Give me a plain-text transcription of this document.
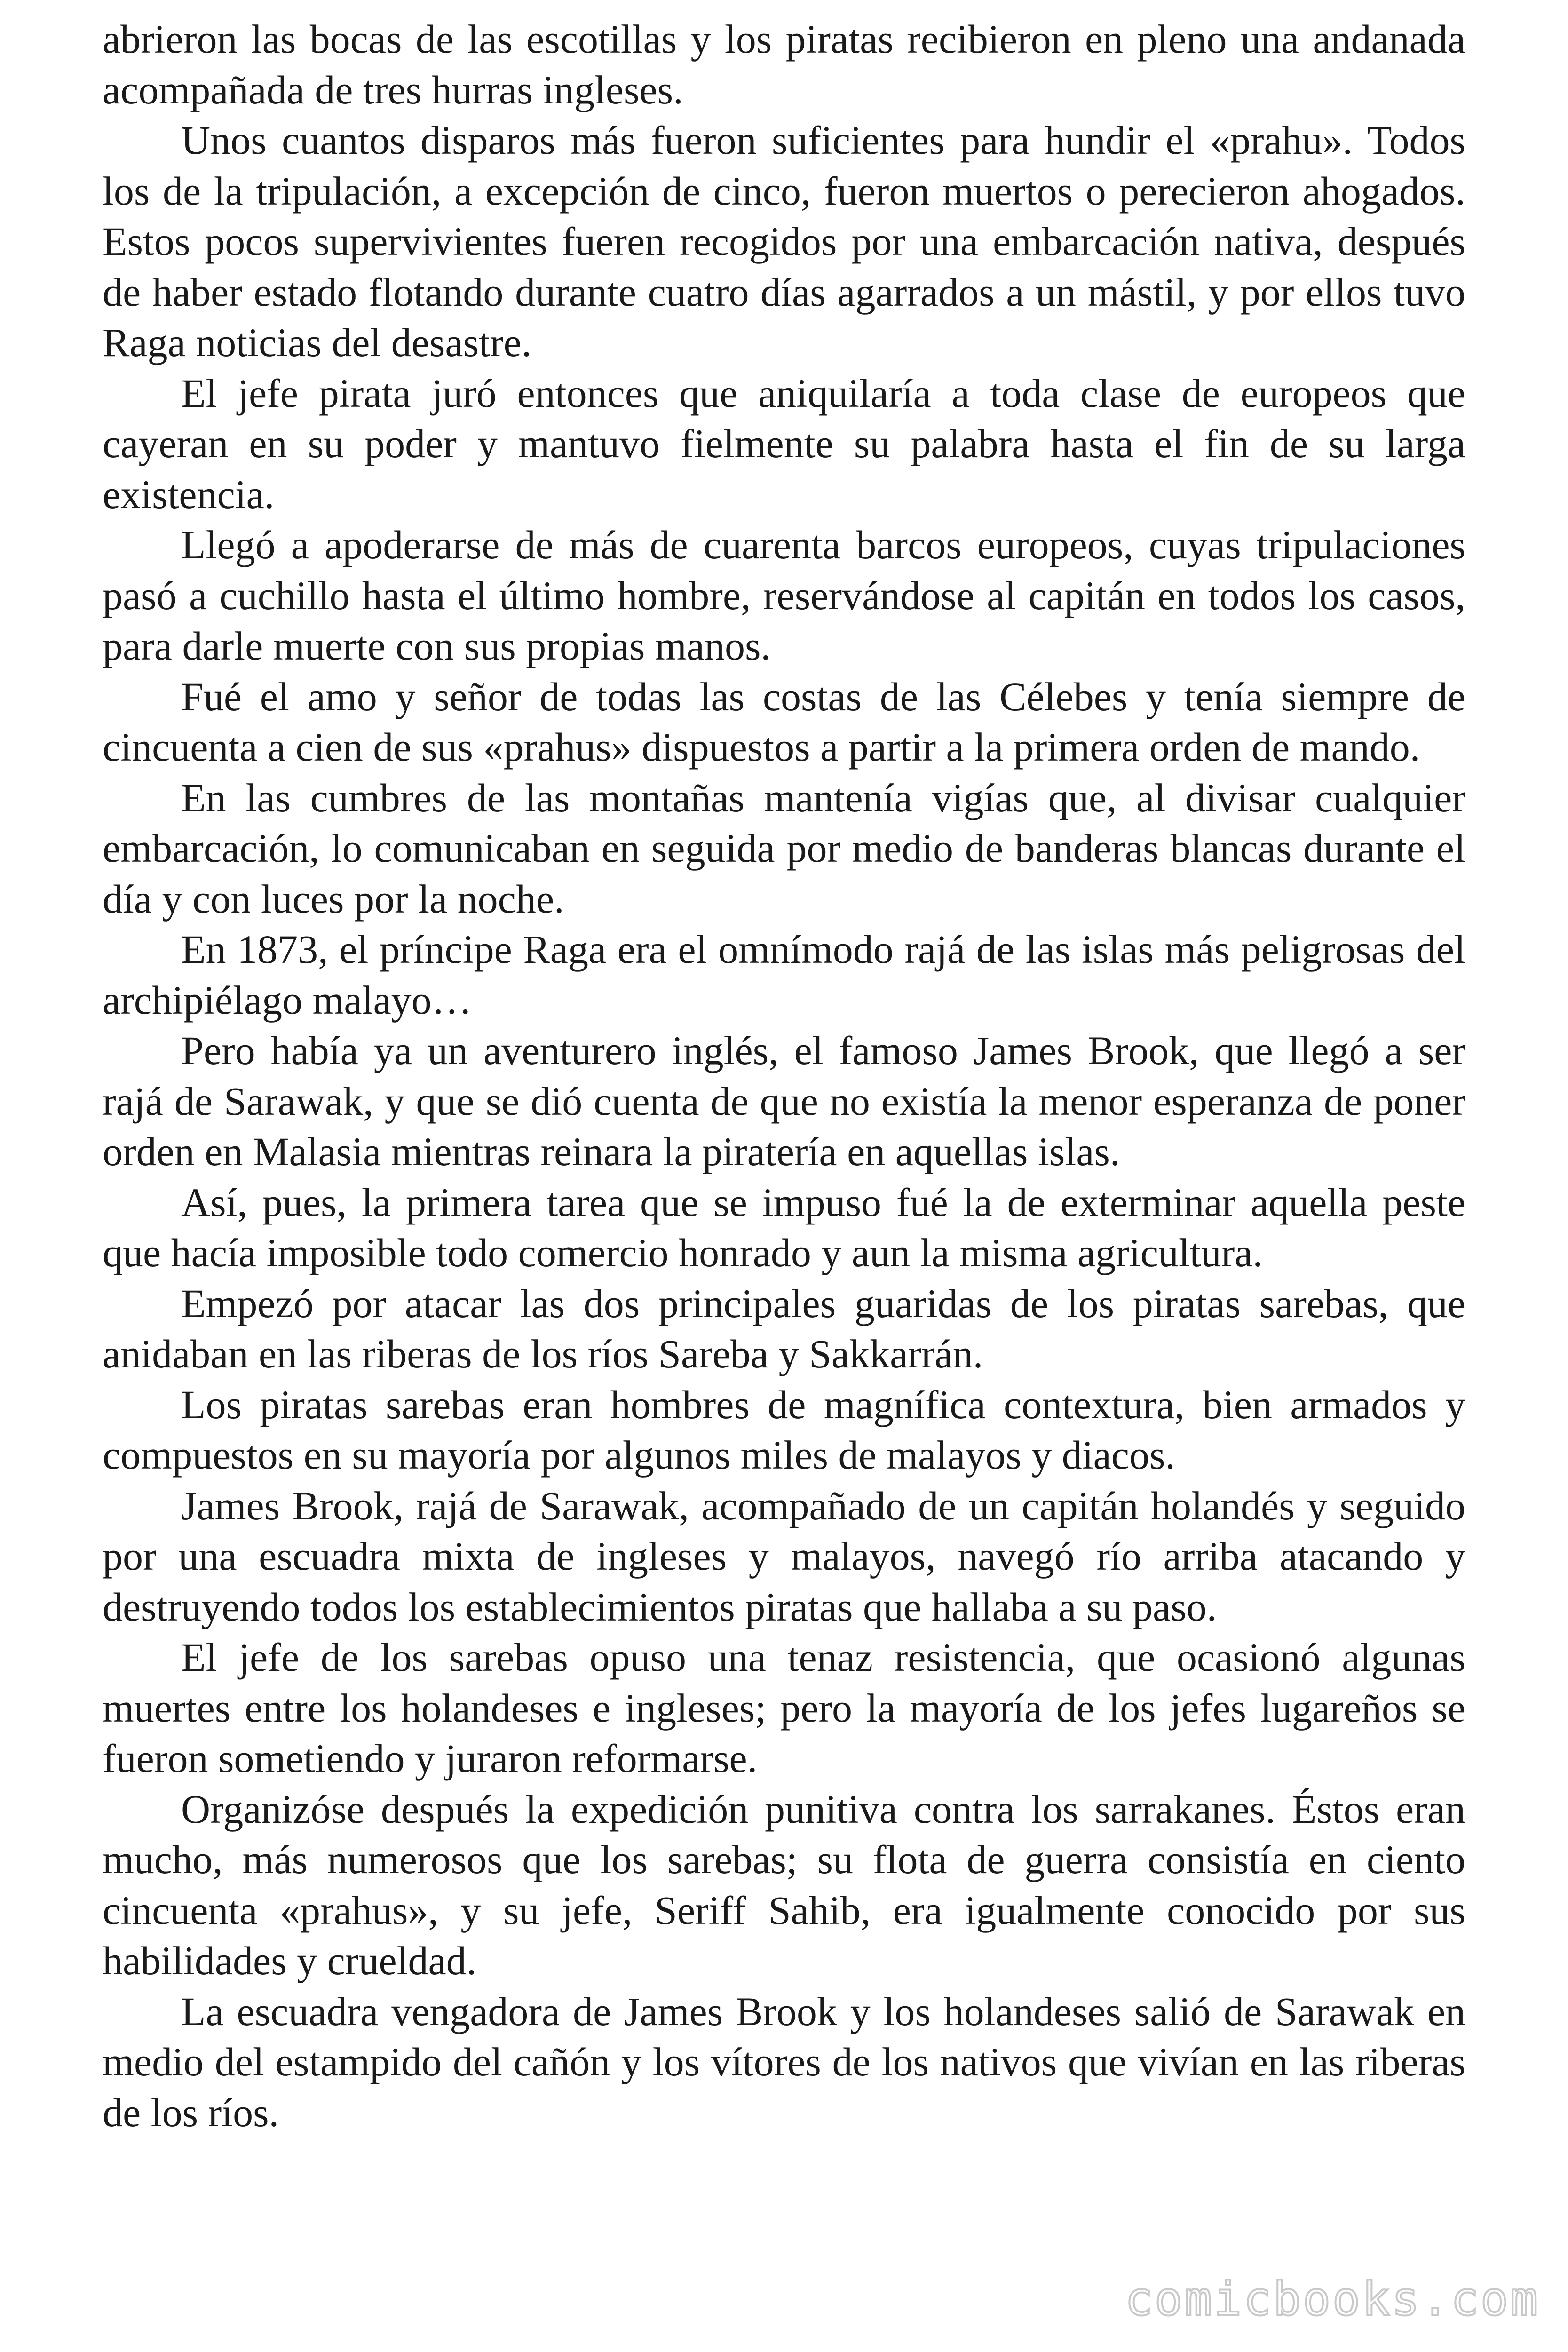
abrieron las bocas de las escotillas y los piratas recibieron en pleno una andanada acompañada de tres hurras ingleses.

Unos cuantos disparos más fueron suficientes para hundir el «prahu». Todos los de la tripulación, a excepción de cinco, fueron muertos o perecieron ahogados. Estos pocos supervivientes fueren recogidos por una embarcación nativa, después de haber estado flotando durante cuatro días agarrados a un mástil, y por ellos tuvo Raga noticias del desastre.

El jefe pirata juró entonces que aniquilaría a toda clase de europeos que cayeran en su poder y mantuvo fielmente su palabra hasta el fin de su larga existencia.

Llegó a apoderarse de más de cuarenta barcos europeos, cuyas tripulaciones pasó a cuchillo hasta el último hombre, reservándose al capitán en todos los casos, para darle muerte con sus propias manos.

Fué el amo y señor de todas las costas de las Célebes y tenía siempre de cincuenta a cien de sus «prahus» dispuestos a partir a la primera orden de mando.

En las cumbres de las montañas mantenía vigías que, al divisar cualquier embarcación, lo comunicaban en seguida por medio de banderas blancas durante el día y con luces por la noche.

En 1873, el príncipe Raga era el omnímodo rajá de las islas más peligrosas del archipiélago malayo…

Pero había ya un aventurero inglés, el famoso James Brook, que llegó a ser rajá de Sarawak, y que se dió cuenta de que no existía la menor esperanza de poner orden en Malasia mientras reinara la piratería en aquellas islas.

Así, pues, la primera tarea que se impuso fué la de exterminar aquella peste que hacía imposible todo comercio honrado y aun la misma agricultura.

Empezó por atacar las dos principales guaridas de los piratas sarebas, que anidaban en las riberas de los ríos Sareba y Sakkarrán.

Los piratas sarebas eran hombres de magnífica contextura, bien armados y compuestos en su mayoría por algunos miles de malayos y diacos.

James Brook, rajá de Sarawak, acompañado de un capitán holandés y seguido por una escuadra mixta de ingleses y malayos, navegó río arriba atacando y destruyendo todos los establecimientos piratas que hallaba a su paso.

El jefe de los sarebas opuso una tenaz resistencia, que ocasionó algunas muertes entre los holandeses e ingleses; pero la mayoría de los jefes lugareños se fueron sometiendo y juraron reformarse.

Organizóse después la expedición punitiva contra los sarrakanes. Éstos eran mucho, más numerosos que los sarebas; su flota de guerra consistía en ciento cincuenta «prahus», y su jefe, Seriff Sahib, era igualmente conocido por sus habilidades y crueldad.

La escuadra vengadora de James Brook y los holandeses salió de Sarawak en medio del estampido del cañón y los vítores de los nativos que vivían en las riberas de los ríos.

comicbooks.com
